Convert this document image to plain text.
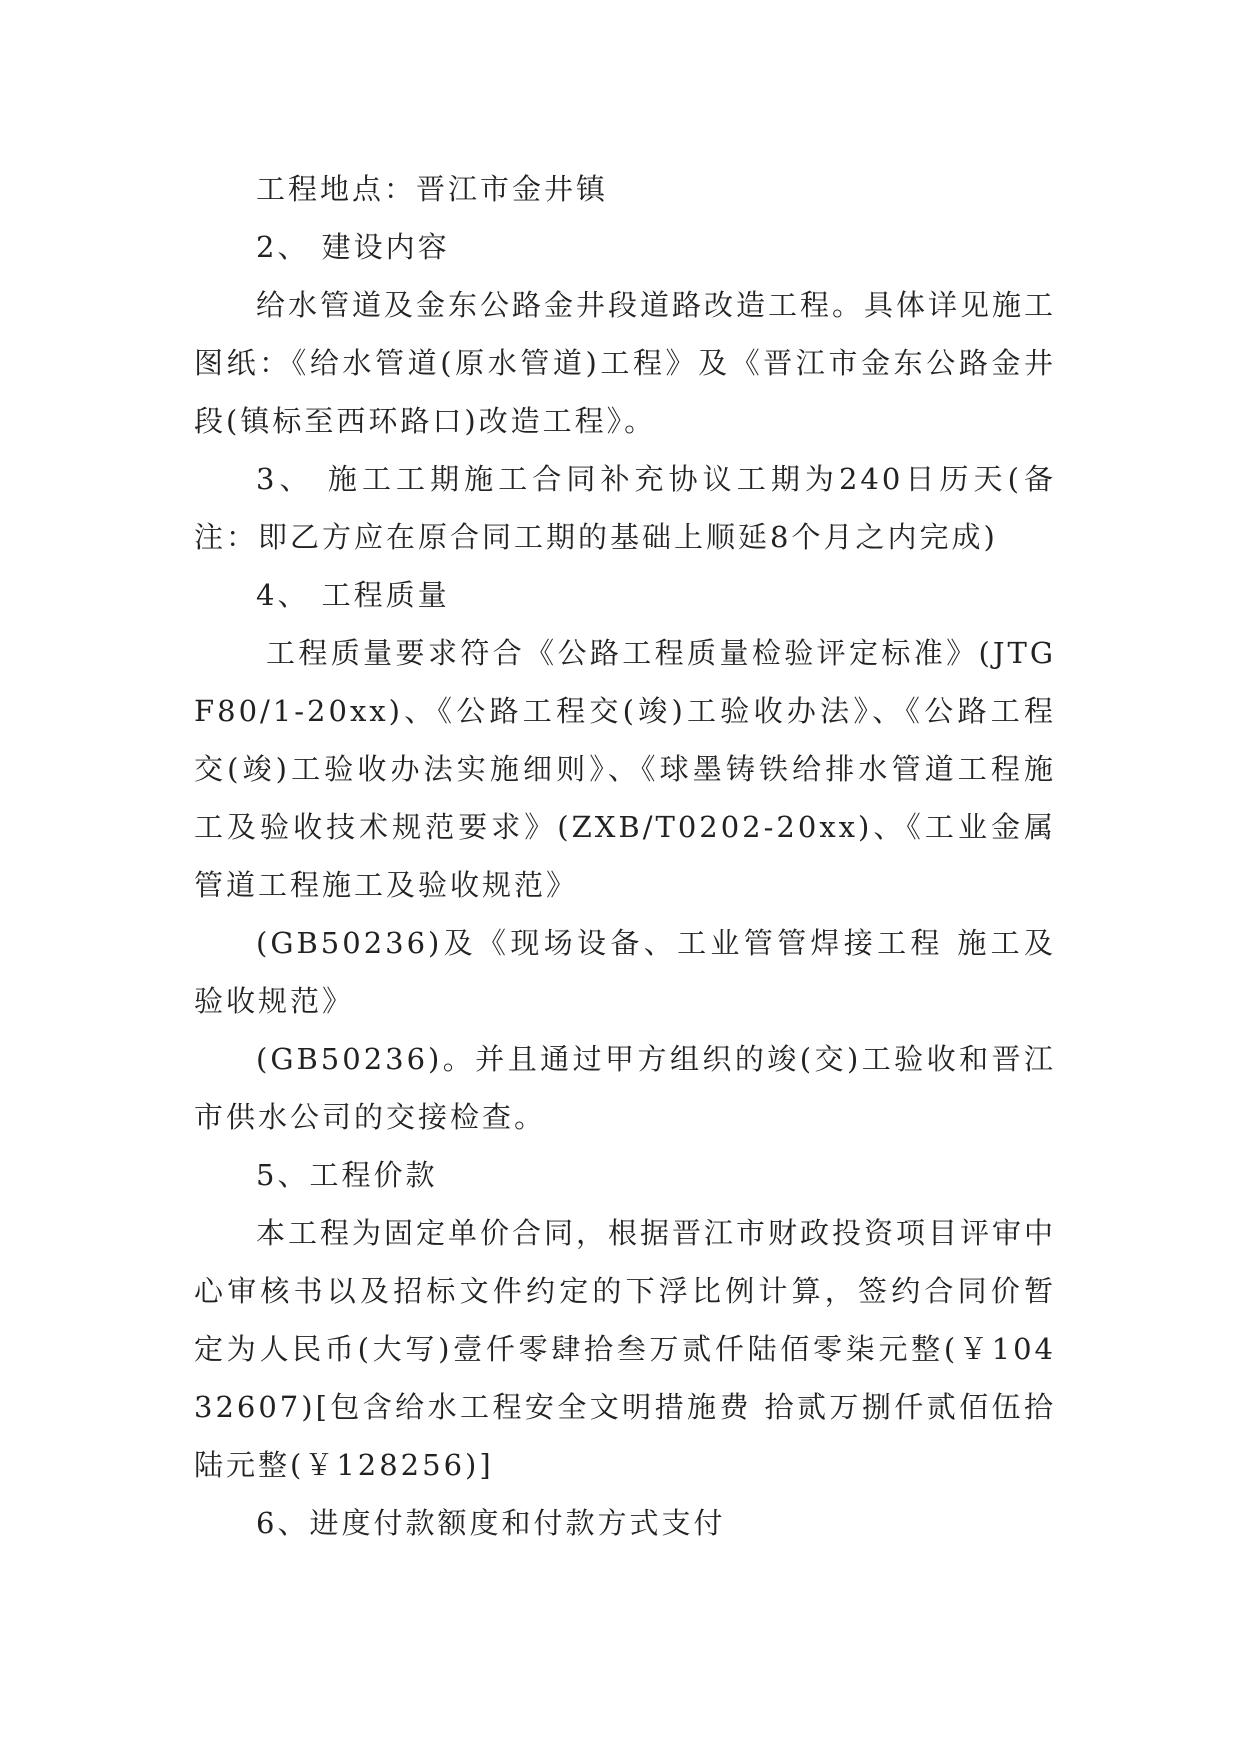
工程地点：晋江市金井镇

2、 建设内容

给水管道及金东公路金井段道路改造工程。具体详见施工图纸：《给水管道(原水管道)工程》及《晋江市金东公路金井段(镇标至西环路口)改造工程》。

3、 施工工期施工合同补充协议工期为240日历天(备注：即乙方应在原合同工期的基础上顺延8个月之内完成)

4、 工程质量

工程质量要求符合《公路工程质量检验评定标准》(JTGF80/1-20xx)、《公路工程交(竣)工验收办法》、《公路工程交(竣)工验收办法实施细则》、《球墨铸铁给排水管道工程施工及验收技术规范要求》(ZXB/T0202-20xx)、《工业金属管道工程施工及验收规范》

(GB50236)及《现场设备、工业管管焊接工程 施工及验收规范》

(GB50236)。并且通过甲方组织的竣(交)工验收和晋江市供水公司的交接检查。

5、工程价款

本工程为固定单价合同，根据晋江市财政投资项目评审中心审核书以及招标文件约定的下浮比例计算，签约合同价暂定为人民币(大写)壹仟零肆拾叁万贰仟陆佰零柒元整(￥10432607)[包含给水工程安全文明措施费 拾贰万捌仟贰佰伍拾陆元整(￥128256)]

6、进度付款额度和付款方式支付
